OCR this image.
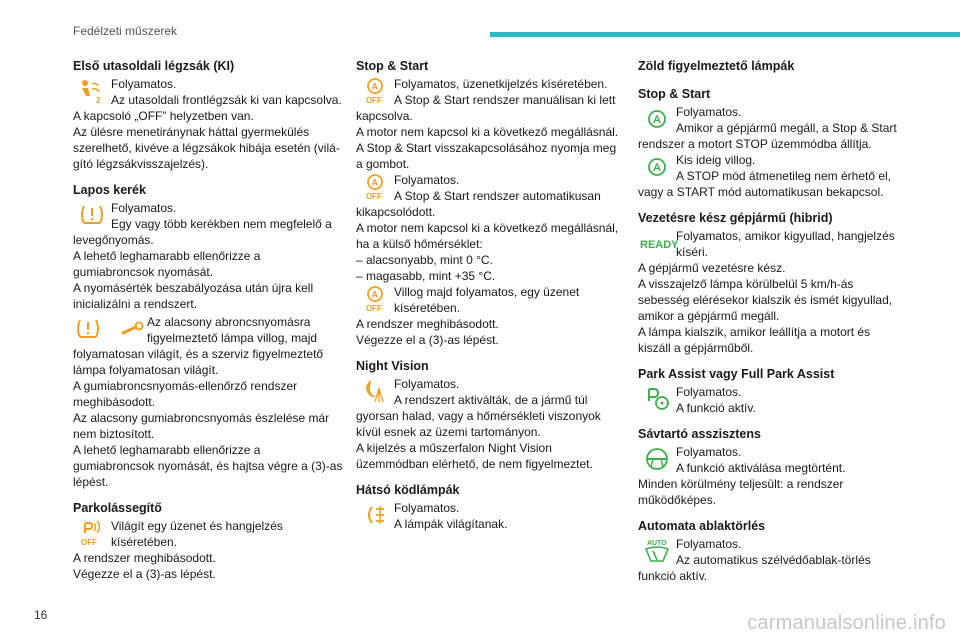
Fedélzeti műszerek
Első utasoldali légzsák (KI)
2
Folyamatos.
Az utasoldali frontlégzsák ki van kapcsolva.
A kapcsoló „OFF” helyzetben van.
Az ülésre menetiránynak háttal gyermekülés szerelhető, kivéve a légzsákok hibája esetén (világító légzsákvisszajelzés).
Lapos kerék
Folyamatos.
Egy vagy több kerékben nem megfelelő a levegőnyomás.
A lehető leghamarabb ellenőrizze a gumiabroncsok nyomását.
A nyomásérték beszabályozása után újra kell inicializálni a rendszert.
Az alacsony abroncsnyomásra figyelmeztető lámpa villog, majd folyamatosan világít, és a szerviz figyelmeztető lámpa folyamatosan világít.
A gumiabroncsnyomás-ellenőrző rendszer meghibásodott.
Az alacsony gumiabroncsnyomás észlelése már nem biztosított.
A lehető leghamarabb ellenőrizze a gumiabroncsok nyomását, és hajtsa végre a (3)-as lépést.
Parkolássegítő
OFF
Világít egy üzenet és hangjelzés kíséretében.
A rendszer meghibásodott.
Végezze el a (3)-as lépést.
Stop & Start
A
OFF
Folyamatos, üzenetkijelzés kíséretében.
A Stop & Start rendszer manuálisan ki lett kapcsolva.
A motor nem kapcsol ki a következő megállásnál.
A Stop & Start visszakapcsolásához nyomja meg a gombot.
A
OFF
Folyamatos.
A Stop & Start rendszer automatikusan kikapcsolódott.
A motor nem kapcsol ki a következő megállásnál, ha a külső hőmérséklet:
– alacsonyabb, mint 0 °C.
– magasabb, mint +35 °C.
A
OFF
Villog majd folyamatos, egy üzenet kíséretében.
A rendszer meghibásodott.
Végezze el a (3)-as lépést.
Night Vision
Folyamatos.
A rendszert aktiválták, de a jármű túl gyorsan halad, vagy a hőmérsékleti viszonyok kívül esnek az üzemi tartományon.
A kijelzés a műszerfalon Night Vision üzemmódban elérhető, de nem figyelmeztet.
Hátsó ködlámpák
Folyamatos.
A lámpák világítanak.
Zöld figyelmeztető lámpák
Stop & Start
A
Folyamatos.
Amikor a gépjármű megáll, a Stop & Start rendszer a motort STOP üzemmódba állítja.
A
Kis ideig villog.
A STOP mód átmenetileg nem érhető el, vagy a START mód automatikusan bekapcsol.
Vezetésre kész gépjármű (hibrid)
READY
Folyamatos, amikor kigyullad, hangjelzés kíséri.
A gépjármű vezetésre kész.
A visszajelző lámpa körülbelül 5 km/h-ás sebesség elérésekor kialszik és ismét kigyullad, amikor a gépjármű megáll.
A lámpa kialszik, amikor leállítja a motort és kiszáll a gépjárműből.
Park Assist vagy Full Park Assist
Folyamatos.
A funkció aktív.
Sávtartó asszisztens
Folyamatos.
A funkció aktiválása megtörtént.
Minden körülmény teljesült: a rendszer működőképes.
Automata ablaktörlés
AUTO Folyamatos.
Az automatikus szélvédőablak-törlés funkció aktív.
16	carmanualsonline.info
